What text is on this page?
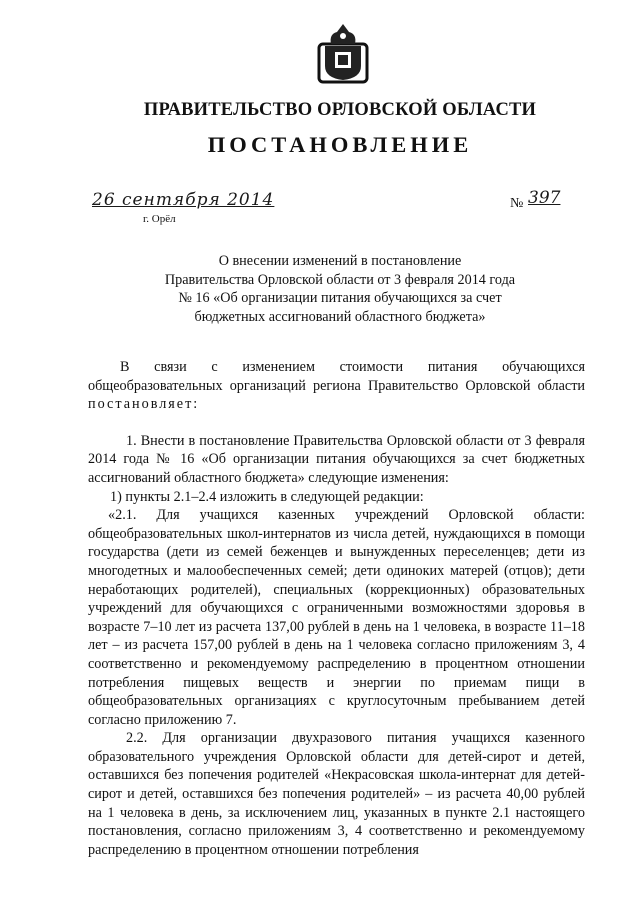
ПРАВИТЕЛЬСТВО ОРЛОВСКОЙ ОБЛАСТИ
ПОСТАНОВЛЕНИЕ
26 сентября 2014
г. Орёл
№ 397
О внесении изменений в постановление
Правительства Орловской области от 3 февраля 2014 года
№ 16 «Об организации питания обучающихся за счет
бюджетных ассигнований областного бюджета»

В связи с изменением стоимости питания обучающихся общеобразовательных организаций региона Правительство Орловской области постановляет:

1. Внести в постановление Правительства Орловской области от 3 февраля 2014 года № 16 «Об организации питания обучающихся за счет бюджетных ассигнований областного бюджета» следующие изменения:

1) пункты 2.1–2.4 изложить в следующей редакции:

«2.1. Для учащихся казенных учреждений Орловской области: общеобразовательных школ-интернатов из числа детей, нуждающихся в помощи государства (дети из семей беженцев и вынужденных переселенцев; дети из многодетных и малообеспеченных семей; дети одиноких матерей (отцов); дети неработающих родителей), специальных (коррекционных) образовательных учреждений для обучающихся с ограниченными возможностями здоровья в возрасте 7–10 лет из расчета 137,00 рублей в день на 1 человека, в возрасте 11–18 лет – из расчета 157,00 рублей в день на 1 человека согласно приложениям 3, 4 соответственно и рекомендуемому распределению в процентном отношении потребления пищевых веществ и энергии по приемам пищи в общеобразовательных организациях с круглосуточным пребыванием детей согласно приложению 7.

2.2. Для организации двухразового питания учащихся казенного образовательного учреждения Орловской области для детей-сирот и детей, оставшихся без попечения родителей «Некрасовская школа-интернат для детей-сирот и детей, оставшихся без попечения родителей» – из расчета 40,00 рублей на 1 человека в день, за исключением лиц, указанных в пункте 2.1 настоящего постановления, согласно приложениям 3, 4 соответственно и рекомендуемому распределению в процентном отношении потребления
